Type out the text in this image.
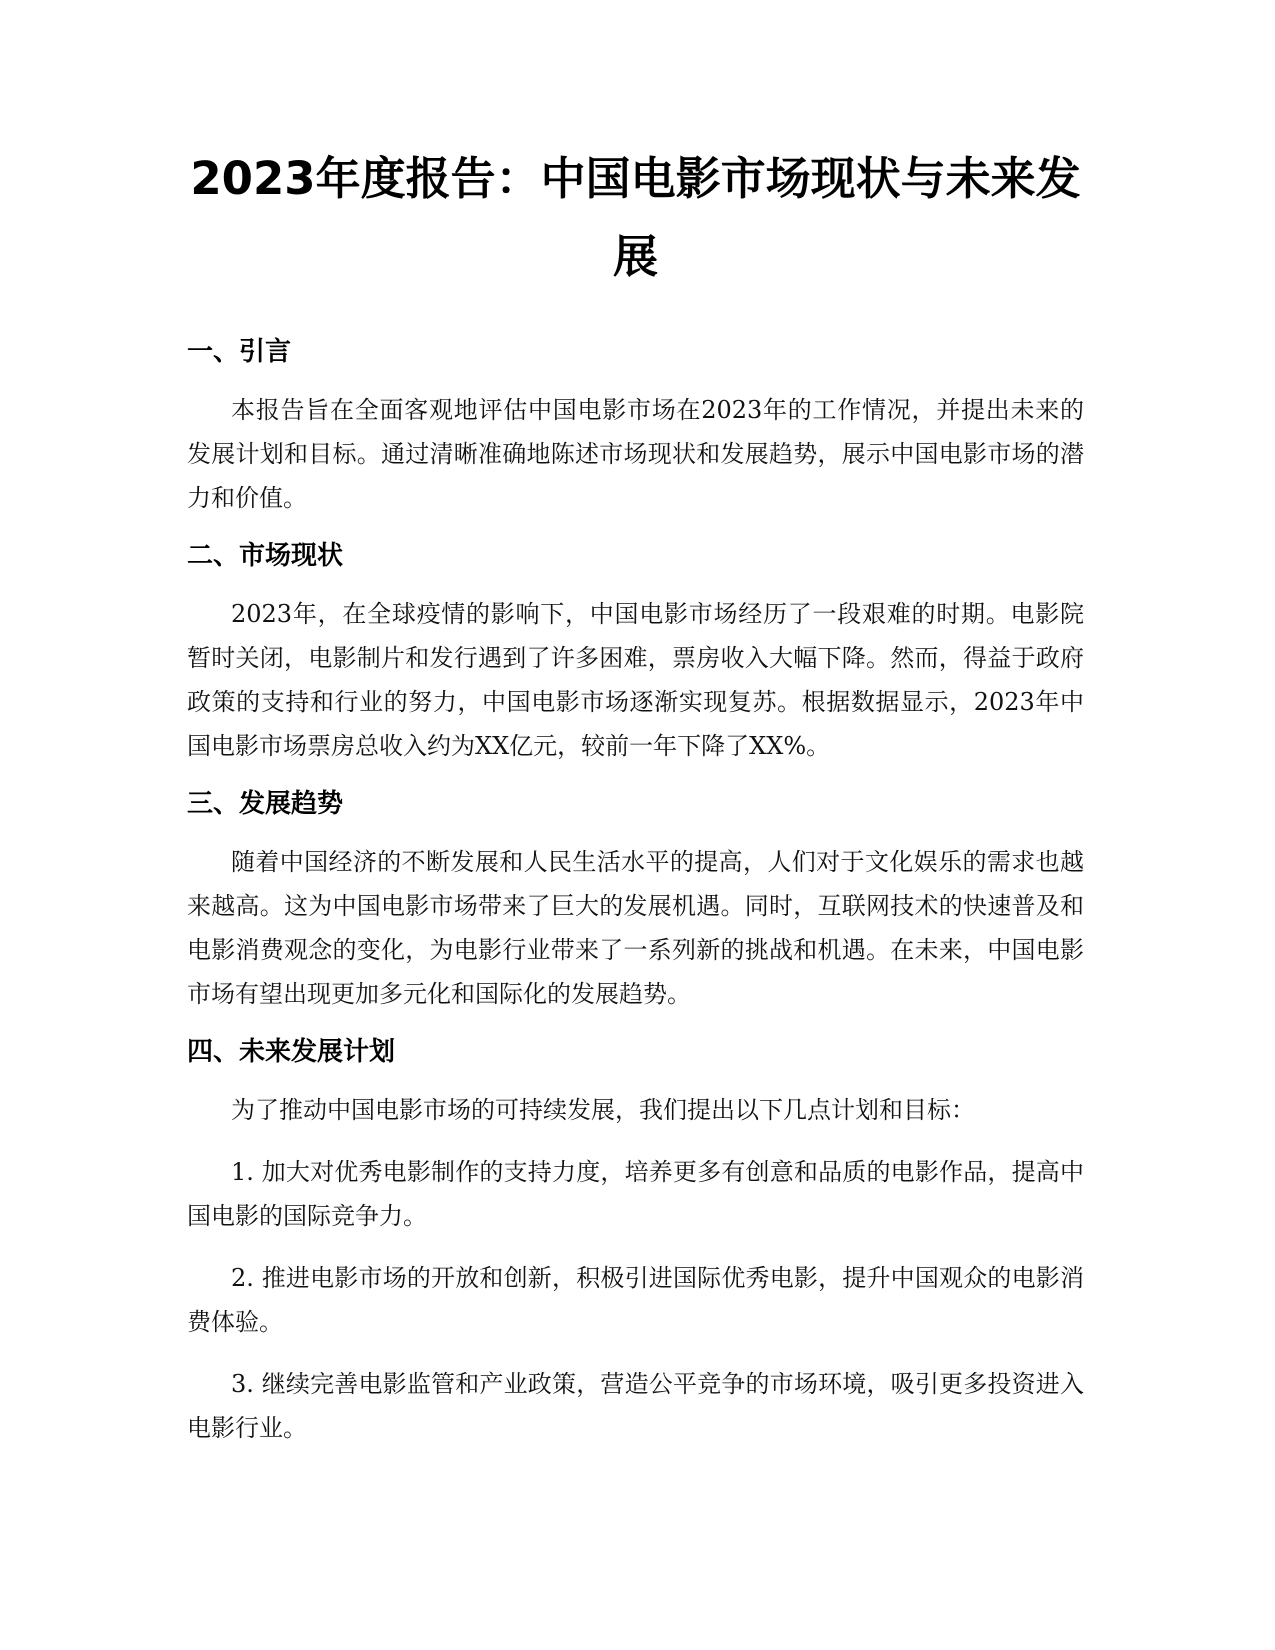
2023年度报告：中国电影市场现状与未来发展
一、引言

本报告旨在全面客观地评估中国电影市场在2023年的工作情况，并提出未来的发展计划和目标。通过清晰准确地陈述市场现状和发展趋势，展示中国电影市场的潜力和价值。

二、市场现状

2023年，在全球疫情的影响下，中国电影市场经历了一段艰难的时期。电影院暂时关闭，电影制片和发行遇到了许多困难，票房收入大幅下降。然而，得益于政府政策的支持和行业的努力，中国电影市场逐渐实现复苏。根据数据显示，2023年中国电影市场票房总收入约为XX亿元，较前一年下降了XX%。

三、发展趋势

随着中国经济的不断发展和人民生活水平的提高，人们对于文化娱乐的需求也越来越高。这为中国电影市场带来了巨大的发展机遇。同时，互联网技术的快速普及和电影消费观念的变化，为电影行业带来了一系列新的挑战和机遇。在未来，中国电影市场有望出现更加多元化和国际化的发展趋势。

四、未来发展计划

为了推动中国电影市场的可持续发展，我们提出以下几点计划和目标：

1. 加大对优秀电影制作的支持力度，培养更多有创意和品质的电影作品，提高中国电影的国际竞争力。

2. 推进电影市场的开放和创新，积极引进国际优秀电影，提升中国观众的电影消费体验。

3. 继续完善电影监管和产业政策，营造公平竞争的市场环境，吸引更多投资进入电影行业。
